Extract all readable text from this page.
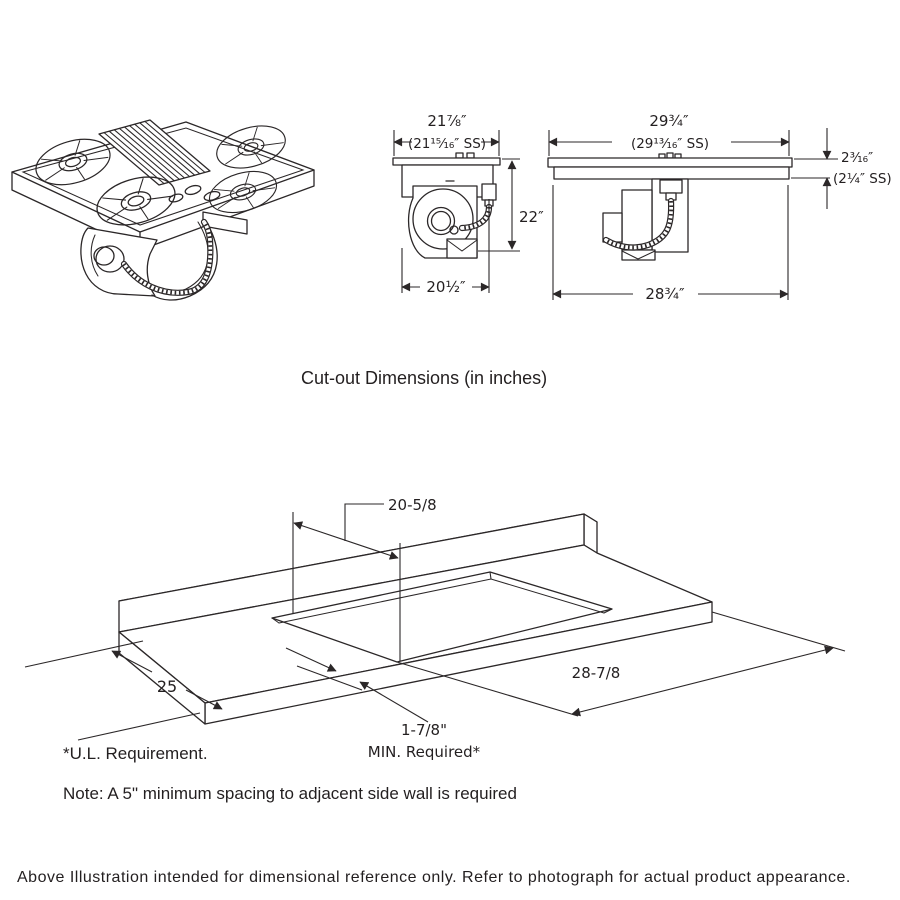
21⅞″
(21¹⁵⁄₁₆″ SS)
22″
20½″
29¾″
(29¹³⁄₁₆″ SS)
2³⁄₁₆″
(2¼″ SS)
28¾″
20-5/8
25
28-7/8
1-7/8"
MIN. Required*
Cut-out Dimensions (in inches)
*U.L. Requirement.
Note: A 5" minimum spacing to adjacent side wall is required
Above Illustration intended for dimensional reference only. Refer to photograph for actual product appearance.
